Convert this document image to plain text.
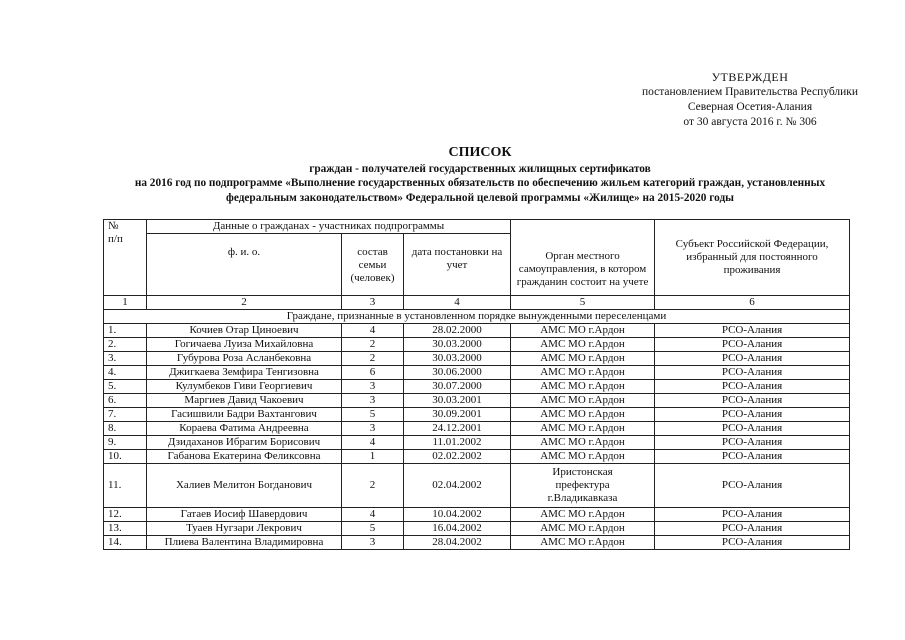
УТВЕРЖДЕН
постановлением Правительства Республики
Северная Осетия-Алания
от 30 августа 2016 г. № 306
СПИСОК
граждан - получателей государственных жилищных сертификатов
на 2016 год по подпрограмме «Выполнение государственных обязательств по обеспечению жильем категорий граждан, установленных
федеральным законодательством» Федеральной целевой программы «Жилище» на 2015-2020 годы
№
п/п	Данные о гражданах - участниках подпрограммы			Орган местного самоуправления, в котором гражданин состоит на учете	Субъект Российской Федерации, избранный для постоянного проживания
	ф. и. о.	состав семьи (человек)	дата постановки на учет		
1	2	3	4	5	6
Граждане, признанные в установленном порядке вынужденными переселенцами					
1.	Кочиев Отар Циноевич	4	28.02.2000	АМС МО г.Ардон	РСО-Алания
2.	Гогичаева Луиза Михайловна	2	30.03.2000	АМС МО г.Ардон	РСО-Алания
3.	Губурова Роза Асланбековна	2	30.03.2000	АМС МО г.Ардон	РСО-Алания
4.	Джигкаева Земфира Тенгизовна	6	30.06.2000	АМС МО г.Ардон	РСО-Алания
5.	Кулумбеков Гиви Георгиевич	3	30.07.2000	АМС МО г.Ардон	РСО-Алания
6.	Маргиев Давид Чакоевич	3	30.03.2001	АМС МО г.Ардон	РСО-Алания
7.	Гасишвили Бадри Вахтангович	5	30.09.2001	АМС МО г.Ардон	РСО-Алания
8.	Кораева Фатима Андреевна	3	24.12.2001	АМС МО г.Ардон	РСО-Алания
9.	Дзидаханов Ибрагим Борисович	4	11.01.2002	АМС МО г.Ардон	РСО-Алания
10.	Габанова Екатерина Феликсовна	1	02.02.2002	АМС МО г.Ардон	РСО-Алания
11.	Халиев Мелитон Богданович	2	02.04.2002	Иристонская префектура г.Владикавказа	РСО-Алания
12.	Гатаев Иосиф Шавердович	4	10.04.2002	АМС МО г.Ардон	РСО-Алания
13.	Туаев Нугзари Лекрович	5	16.04.2002	АМС МО г.Ардон	РСО-Алания
14.	Плиева Валентина Владимировна	3	28.04.2002	АМС МО г.Ардон	РСО-Алания
